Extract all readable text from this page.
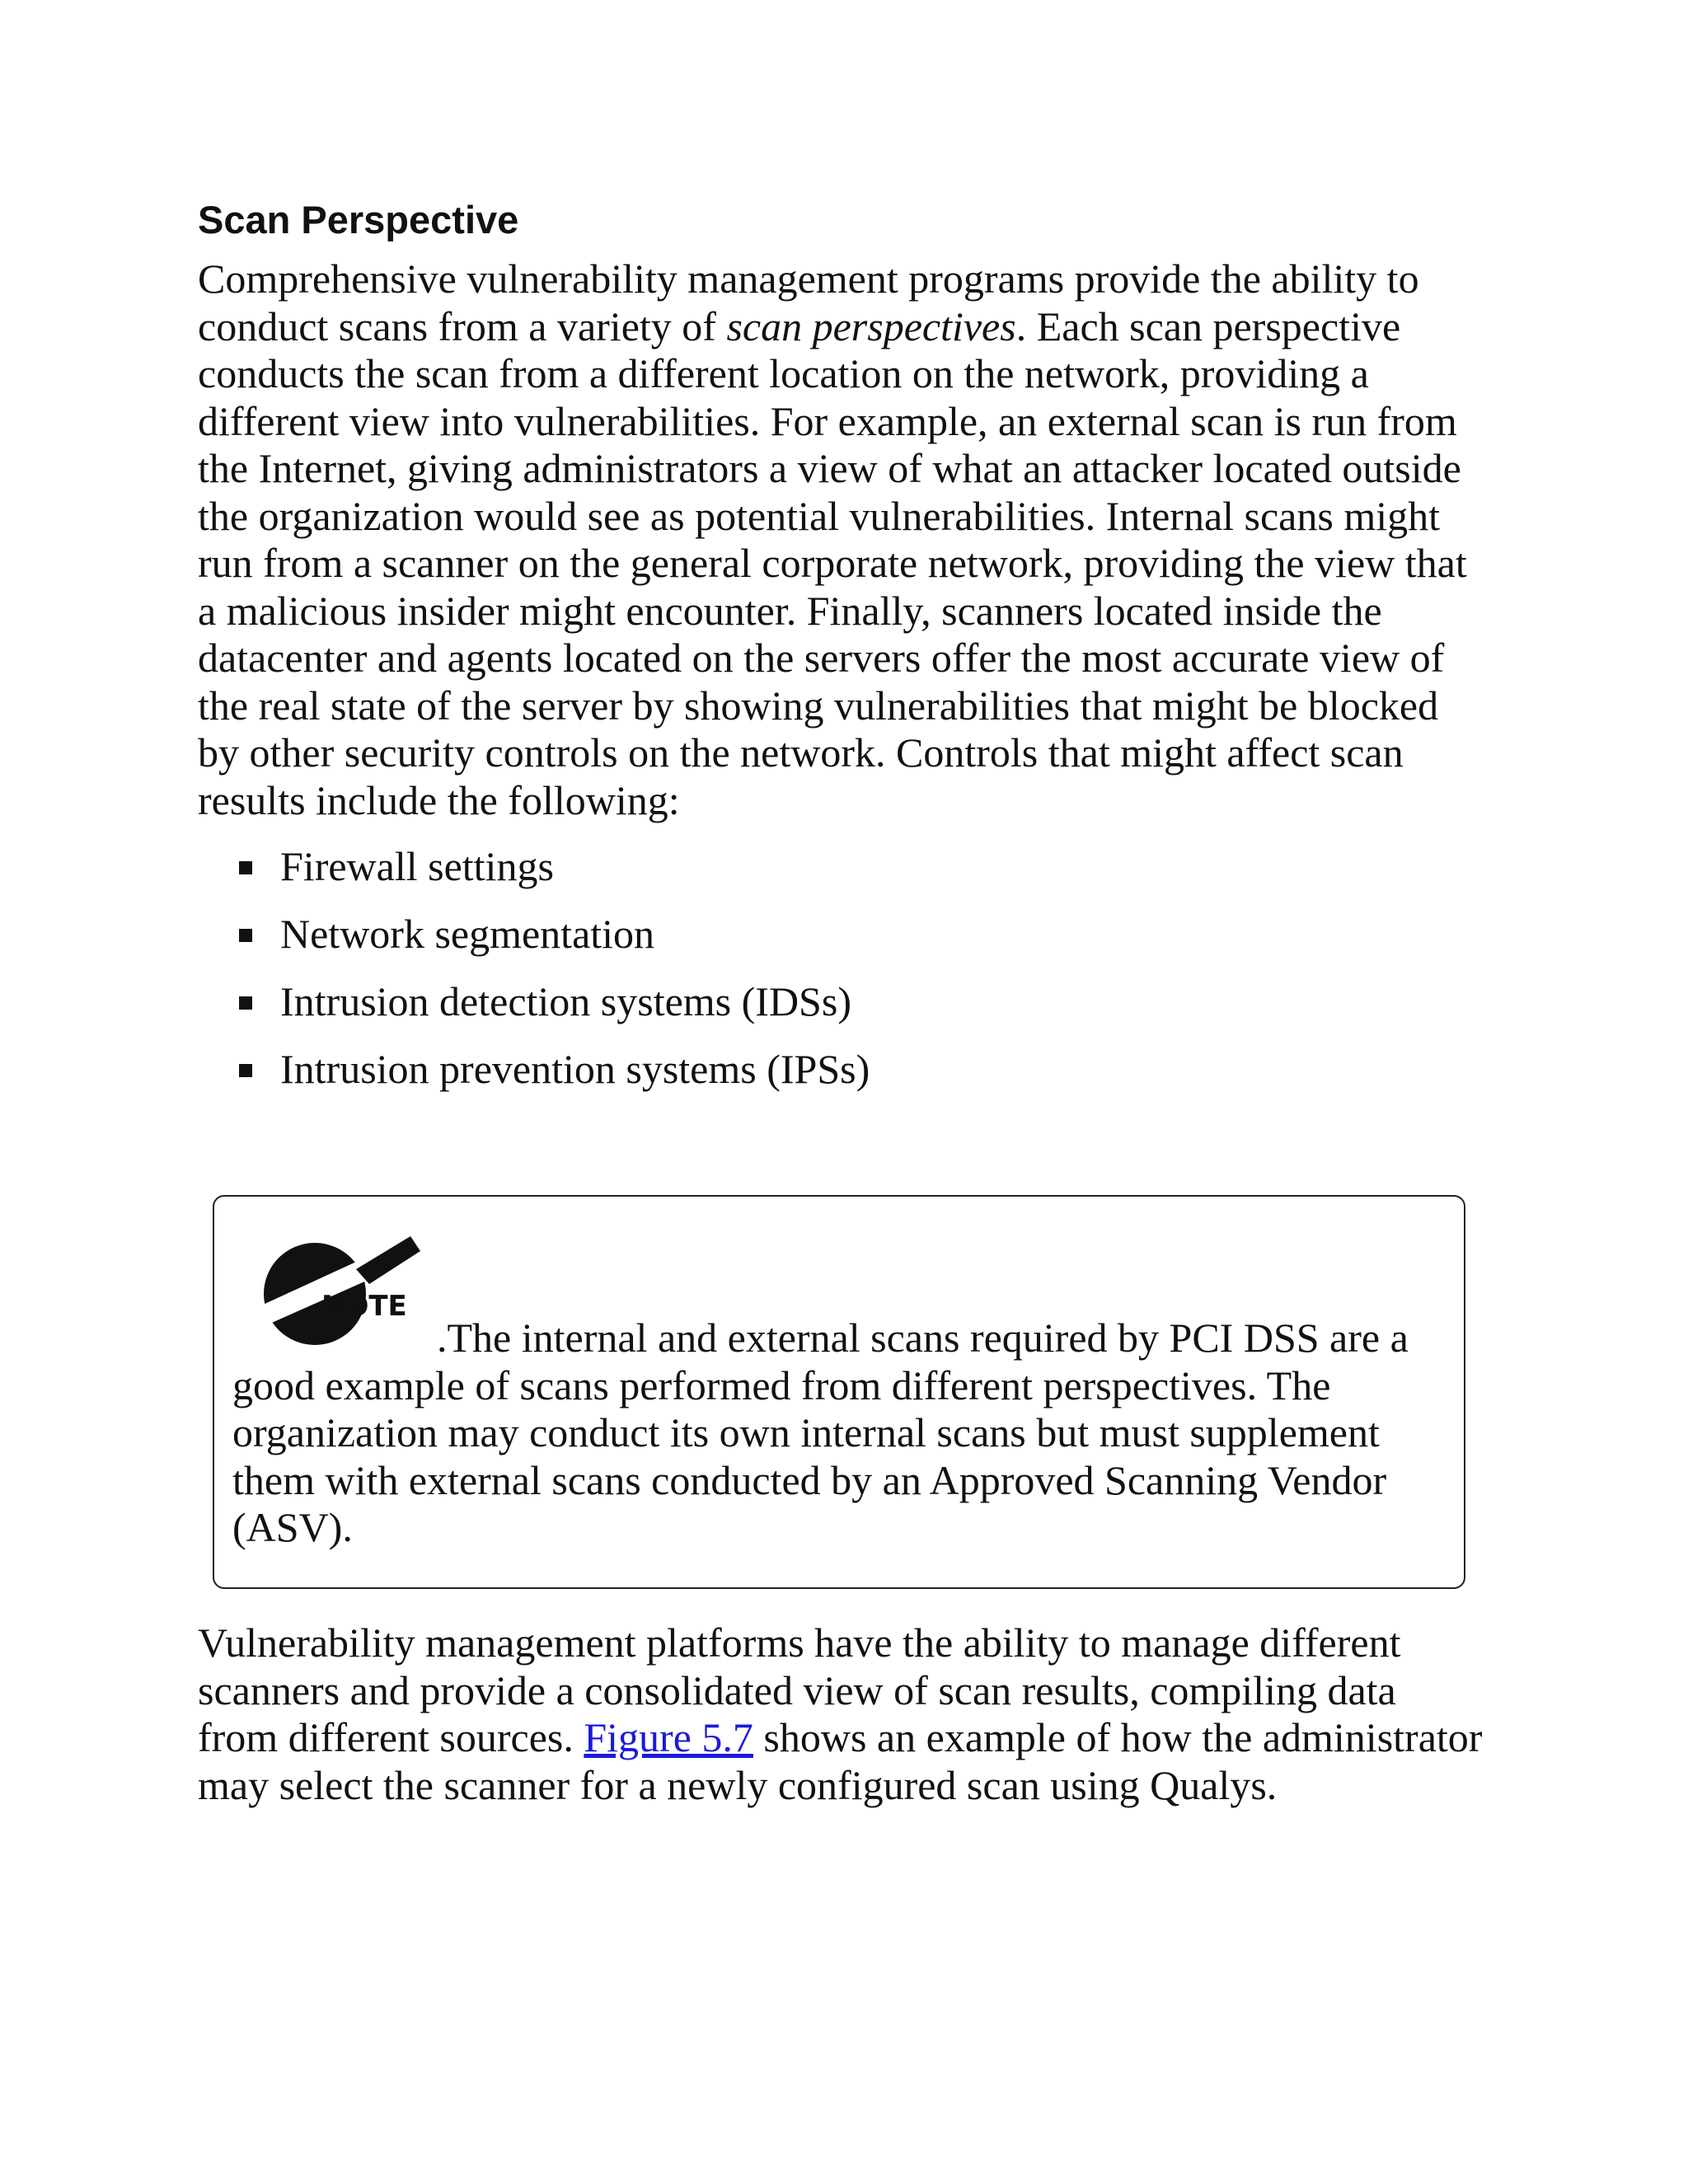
Scan Perspective

Comprehensive vulnerability management programs provide the ability to conduct scans from a variety of scan perspectives. Each scan perspective conducts the scan from a different location on the network, providing a different view into vulnerabilities. For example, an external scan is run from the Internet, giving administrators a view of what an attacker located outside the organization would see as potential vulnerabilities. Internal scans might run from a scanner on the general corporate network, providing the view that a malicious insider might encounter. Finally, scanners located inside the datacenter and agents located on the servers offer the most accurate view of the real state of the server by showing vulnerabilities that might be blocked by other security controls on the network. Controls that might affect scan results include the following:

Firewall settings
Network segmentation
Intrusion detection systems (IDSs)
Intrusion prevention systems (IPSs)
NOTE

.The internal and external scans required by PCI DSS are a good example of scans performed from different perspectives. The organization may conduct its own internal scans but must supplement them with external scans conducted by an Approved Scanning Vendor (ASV).

Vulnerability management platforms have the ability to manage different scanners and provide a consolidated view of scan results, compiling data from different sources. Figure 5.7 shows an example of how the administrator may select the scanner for a newly configured scan using Qualys.
